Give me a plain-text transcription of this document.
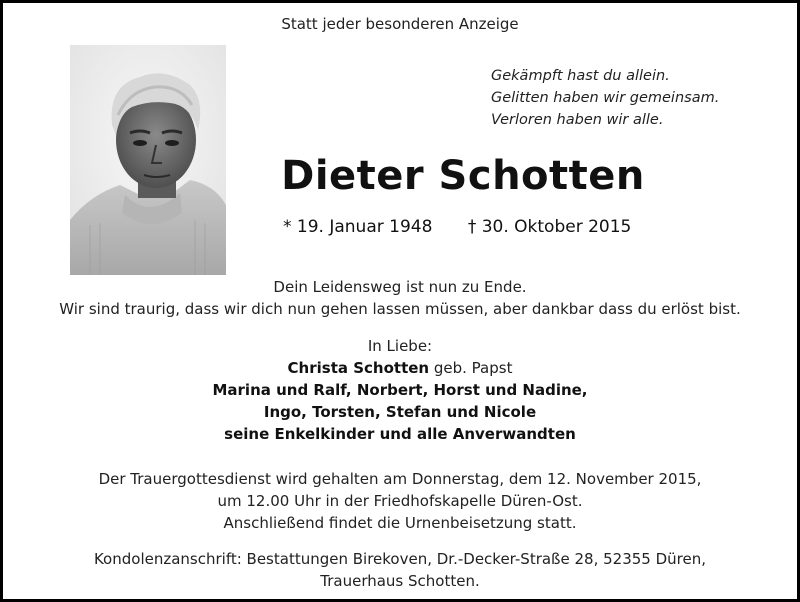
Statt jeder besonderen Anzeige
Gekämpft hast du allein.
Gelitten haben wir gemeinsam.
Verloren haben wir alle.
Dieter Schotten
* 19. Januar 1948 † 30. Oktober 2015
Dein Leidensweg ist nun zu Ende.
Wir sind traurig, dass wir dich nun gehen lassen müssen, aber dankbar dass du erlöst bist.
In Liebe:
Christa Schotten geb. Papst
Marina und Ralf, Norbert, Horst und Nadine,
Ingo, Torsten, Stefan und Nicole
seine Enkelkinder und alle Anverwandten
Der Trauergottesdienst wird gehalten am Donnerstag, dem 12. November 2015,
um 12.00 Uhr in der Friedhofskapelle Düren-Ost.
Anschließend findet die Urnenbeisetzung statt.
Kondolenzanschrift: Bestattungen Birekoven, Dr.-Decker-Straße 28, 52355 Düren,
Trauerhaus Schotten.
